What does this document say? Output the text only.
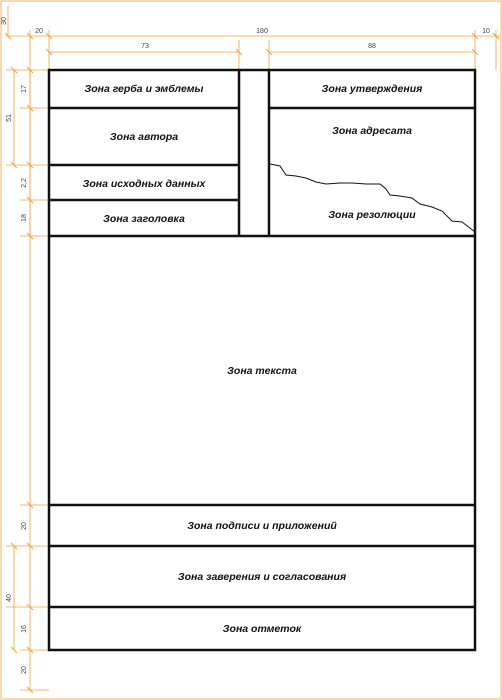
20	180	10
73	88
30
17
51
2,2
18
20
40
16
20
Зона герба и эмблемы
Зона автора
Зона исходных данных
Зона заголовка
Зона утверждения
Зона адресата
Зона резолюции
Зона текста
Зона подписи и приложений
Зона заверения и согласования
Зона отметок
